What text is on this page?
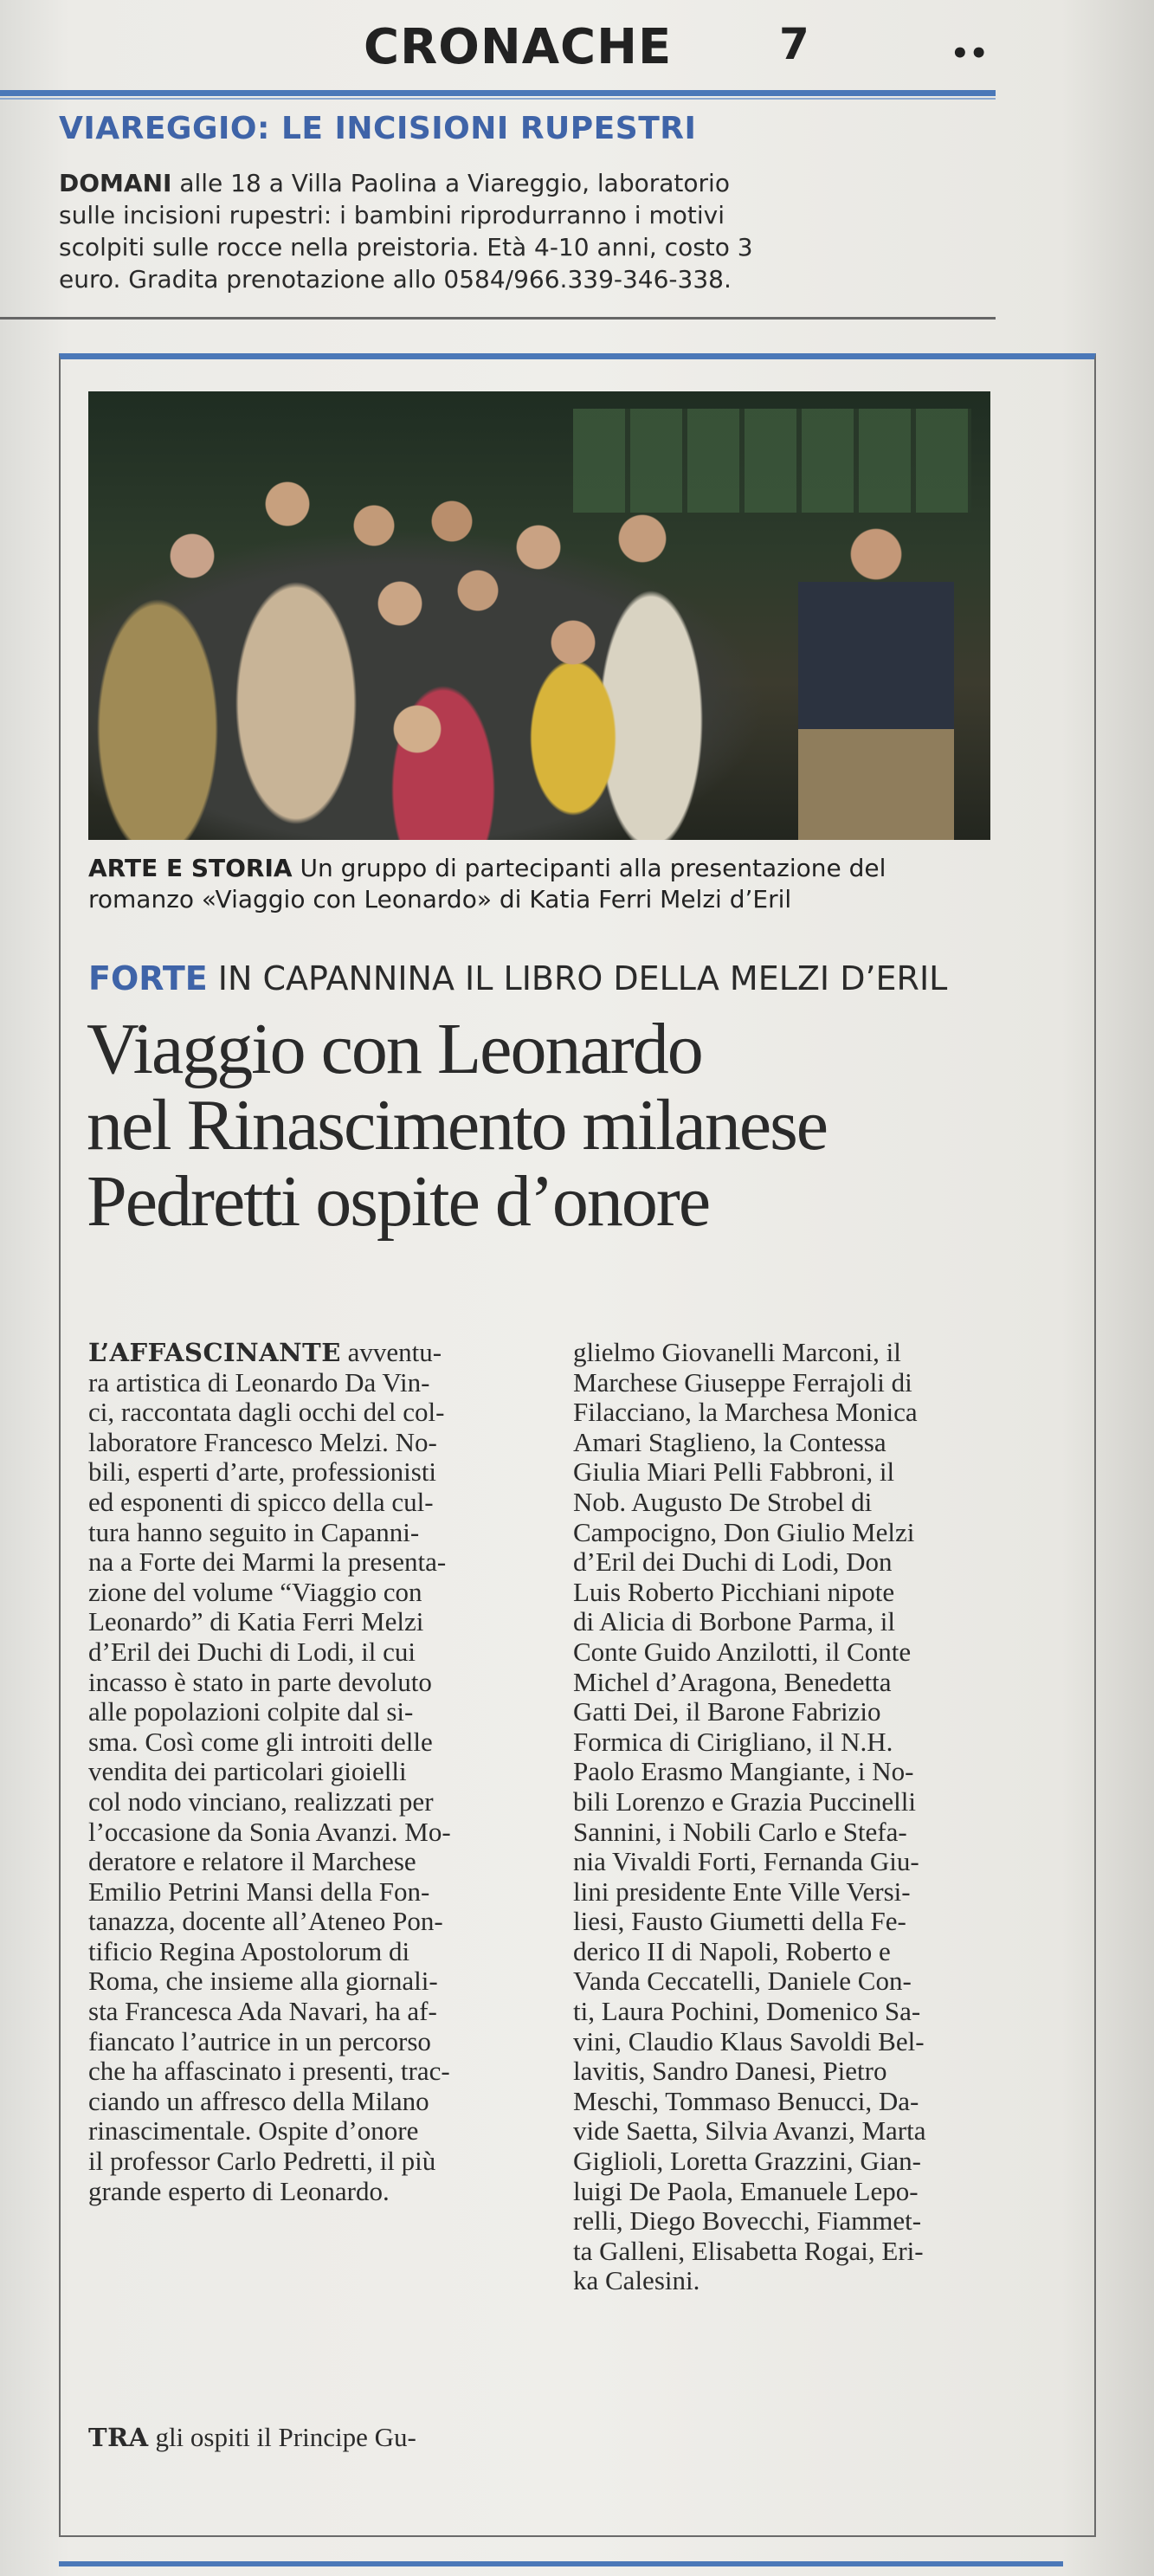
CRONACHE 7	••
VIAREGGIO: LE INCISIONI RUPESTRI
DOMANI alle 18 a Villa Paolina a Viareggio, laboratorio
sulle incisioni rupestri: i bambini riprodurranno i motivi
scolpiti sulle rocce nella preistoria. Età 4-10 anni, costo 3
euro. Gradita prenotazione allo 0584/966.339-346-338.
ARTE E STORIA Un gruppo di partecipanti alla presentazione del romanzo «Viaggio con Leonardo» di Katia Ferri Melzi d’Eril
FORTE IN CAPANNINA IL LIBRO DELLA MELZI D’ERIL
Viaggio con Leonardo
nel Rinascimento milanese
Pedretti ospite d’onore
L’AFFASCINANTE avventu-
ra artistica di Leonardo Da Vin-
ci, raccontata dagli occhi del col-
laboratore Francesco Melzi. No-
bili, esperti d’arte, professionisti
ed esponenti di spicco della cul-
tura hanno seguito in Capanni-
na a Forte dei Marmi la presenta-
zione del volume “Viaggio con
Leonardo” di Katia Ferri Melzi
d’Eril dei Duchi di Lodi, il cui
incasso è stato in parte devoluto
alle popolazioni colpite dal si-
sma. Così come gli introiti delle
vendita dei particolari gioielli
col nodo vinciano, realizzati per
l’occasione da Sonia Avanzi. Mo-
deratore e relatore il Marchese
Emilio Petrini Mansi della Fon-
tanazza, docente all’Ateneo Pon-
tificio Regina Apostolorum di
Roma, che insieme alla giornali-
sta Francesca Ada Navari, ha af-
fiancato l’autrice in un percorso
che ha affascinato i presenti, trac-
ciando un affresco della Milano
rinascimentale. Ospite d’onore
il professor Carlo Pedretti, il più
grande esperto di Leonardo.
TRA gli ospiti il Principe Gu-
glielmo Giovanelli Marconi, il
Marchese Giuseppe Ferrajoli di
Filacciano, la Marchesa Monica
Amari Staglieno, la Contessa
Giulia Miari Pelli Fabbroni, il
Nob. Augusto De Strobel di
Campocigno, Don Giulio Melzi
d’Eril dei Duchi di Lodi, Don
Luis Roberto Picchiani nipote
di Alicia di Borbone Parma, il
Conte Guido Anzilotti, il Conte
Michel d’Aragona, Benedetta
Gatti Dei, il Barone Fabrizio
Formica di Cirigliano, il N.H.
Paolo Erasmo Mangiante, i No-
bili Lorenzo e Grazia Puccinelli
Sannini, i Nobili Carlo e Stefa-
nia Vivaldi Forti, Fernanda Giu-
lini presidente Ente Ville Versi-
liesi, Fausto Giumetti della Fe-
derico II di Napoli, Roberto e
Vanda Ceccatelli, Daniele Con-
ti, Laura Pochini, Domenico Sa-
vini, Claudio Klaus Savoldi Bel-
lavitis, Sandro Danesi, Pietro
Meschi, Tommaso Benucci, Da-
vide Saetta, Silvia Avanzi, Marta
Giglioli, Loretta Grazzini, Gian-
luigi De Paola, Emanuele Lepo-
relli, Diego Bovecchi, Fiammet-
ta Galleni, Elisabetta Rogai, Eri-
ka Calesini.
